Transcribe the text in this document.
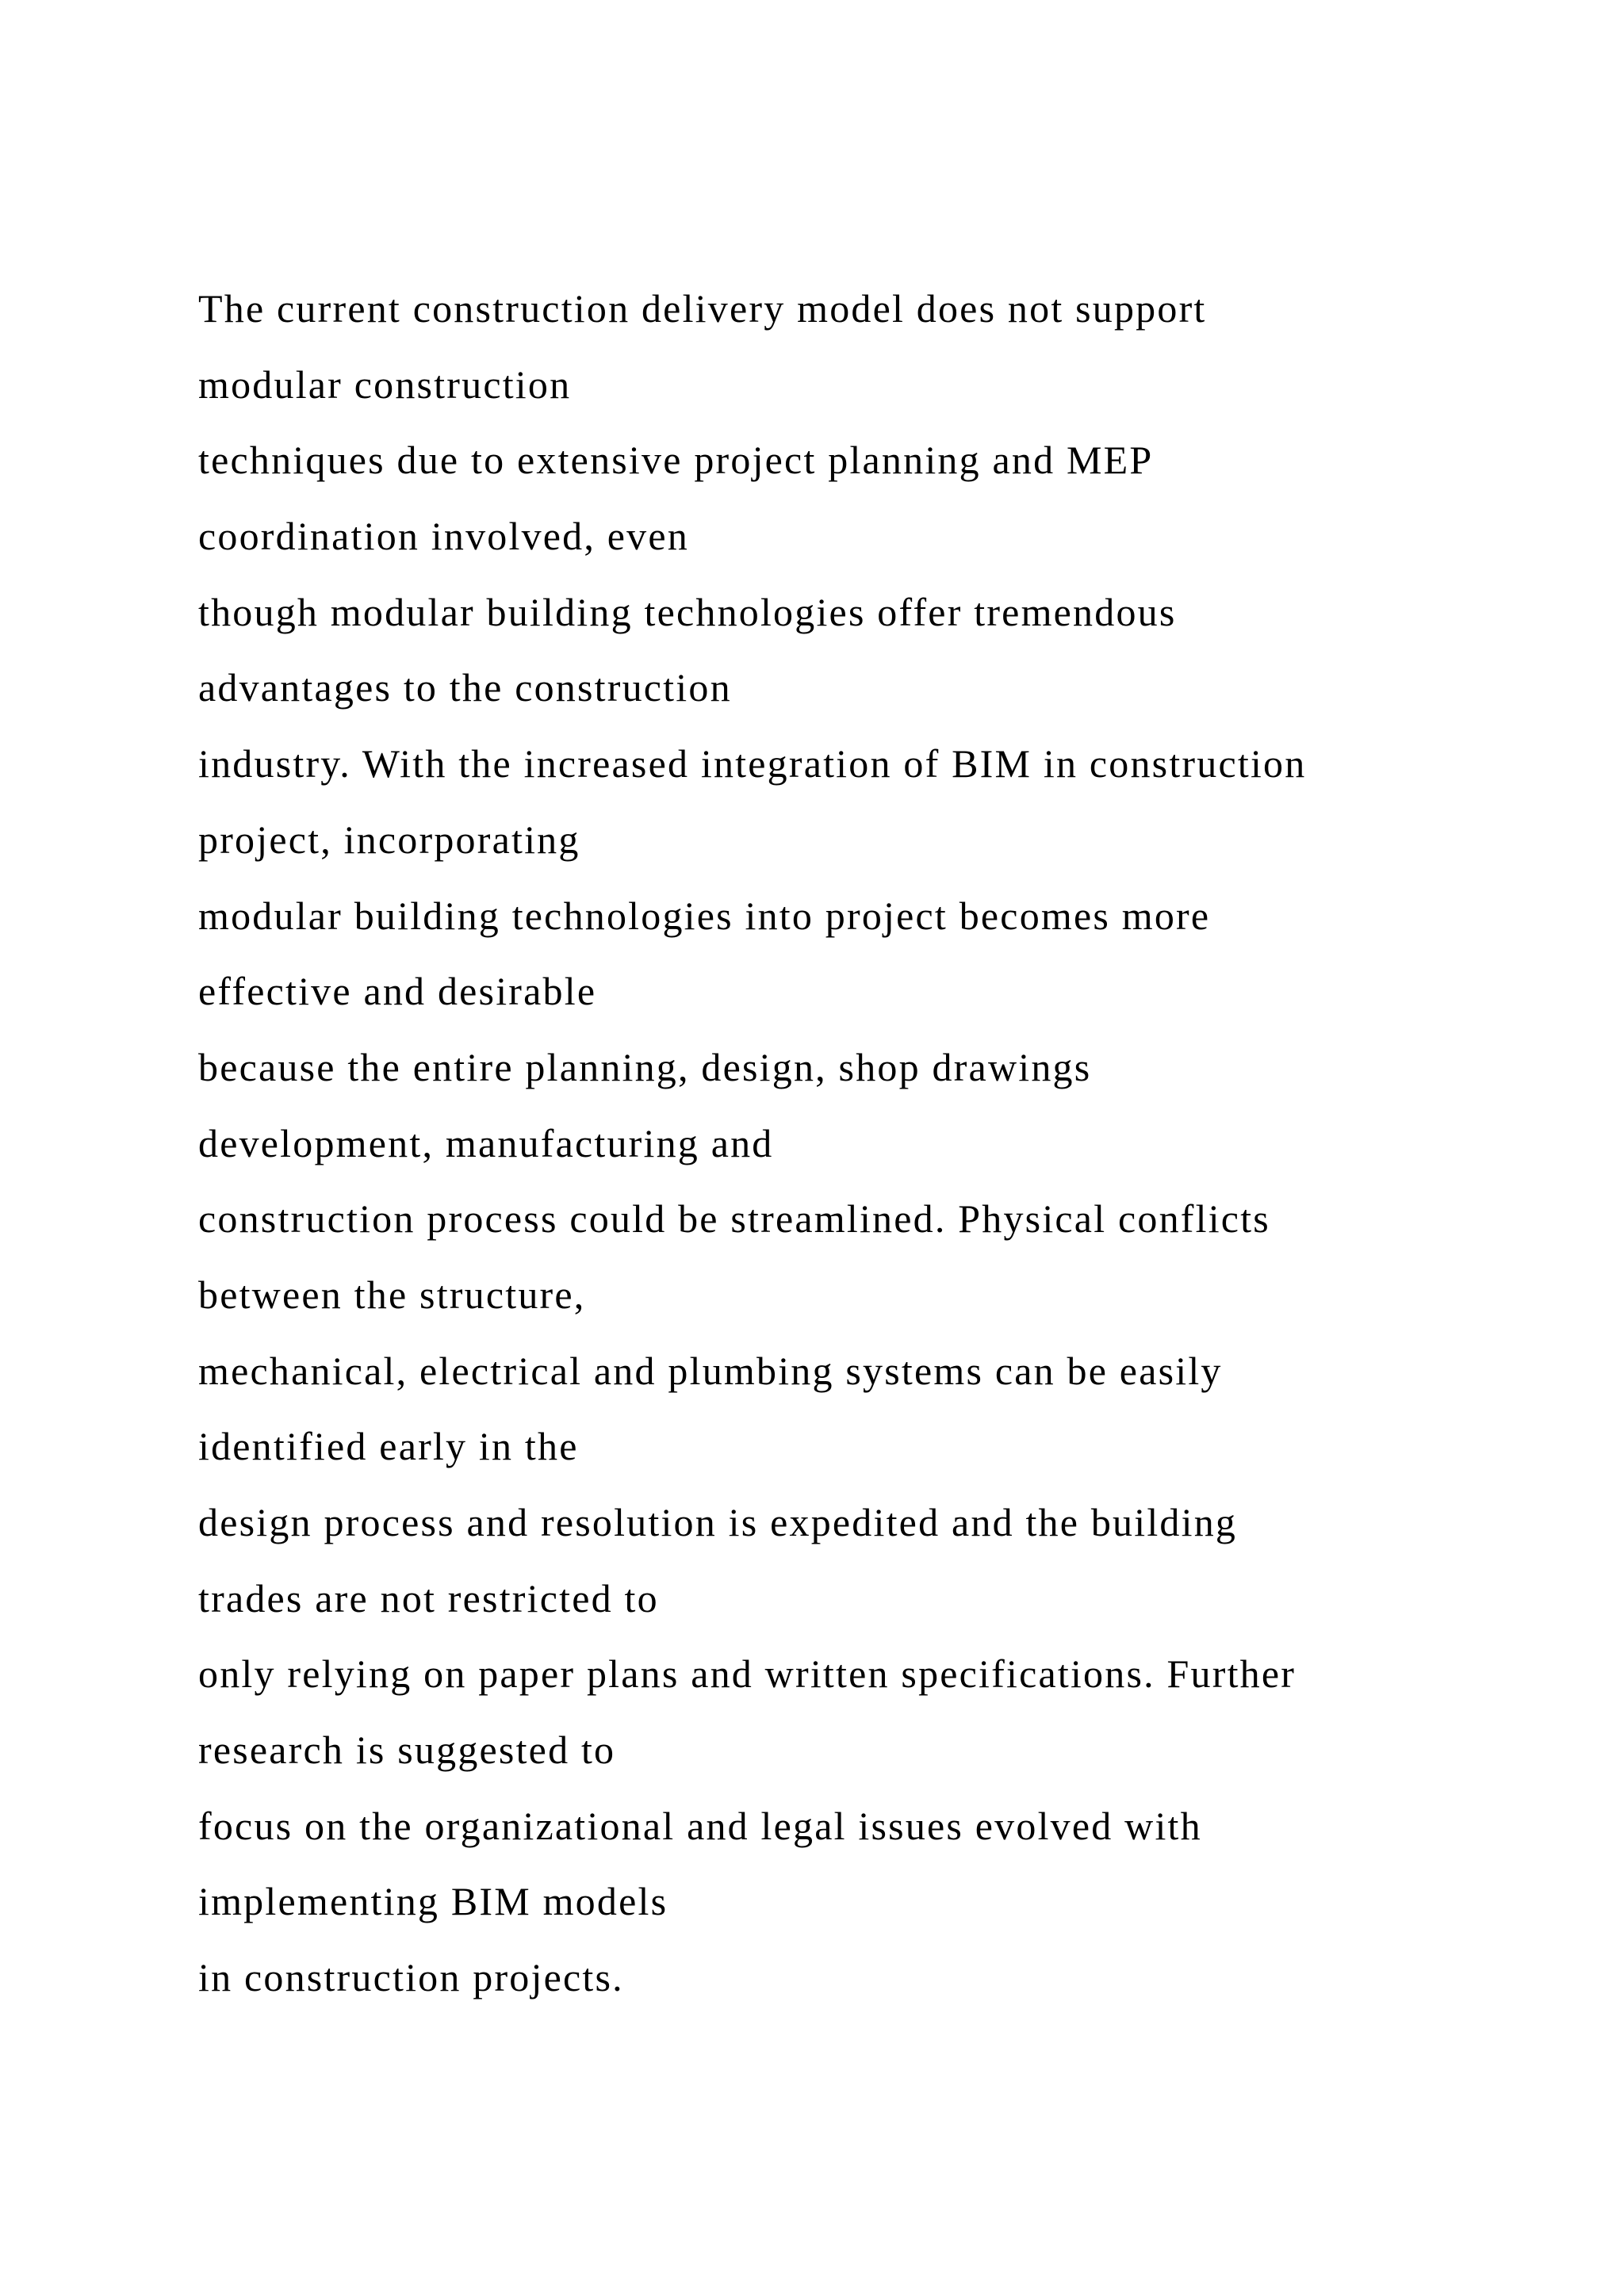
The current construction delivery model does not support
modular construction
techniques due to extensive project planning and MEP
coordination involved, even
though modular building technologies offer tremendous
advantages to the construction
industry. With the increased integration of BIM in construction
project, incorporating
modular building technologies into project becomes more
effective and desirable
because the entire planning, design, shop drawings
development, manufacturing and
construction process could be streamlined. Physical conflicts
between the structure,
mechanical, electrical and plumbing systems can be easily
identified early in the
design process and resolution is expedited and the building
trades are not restricted to
only relying on paper plans and written specifications. Further
research is suggested to
focus on the organizational and legal issues evolved with
implementing BIM models
in construction projects.
